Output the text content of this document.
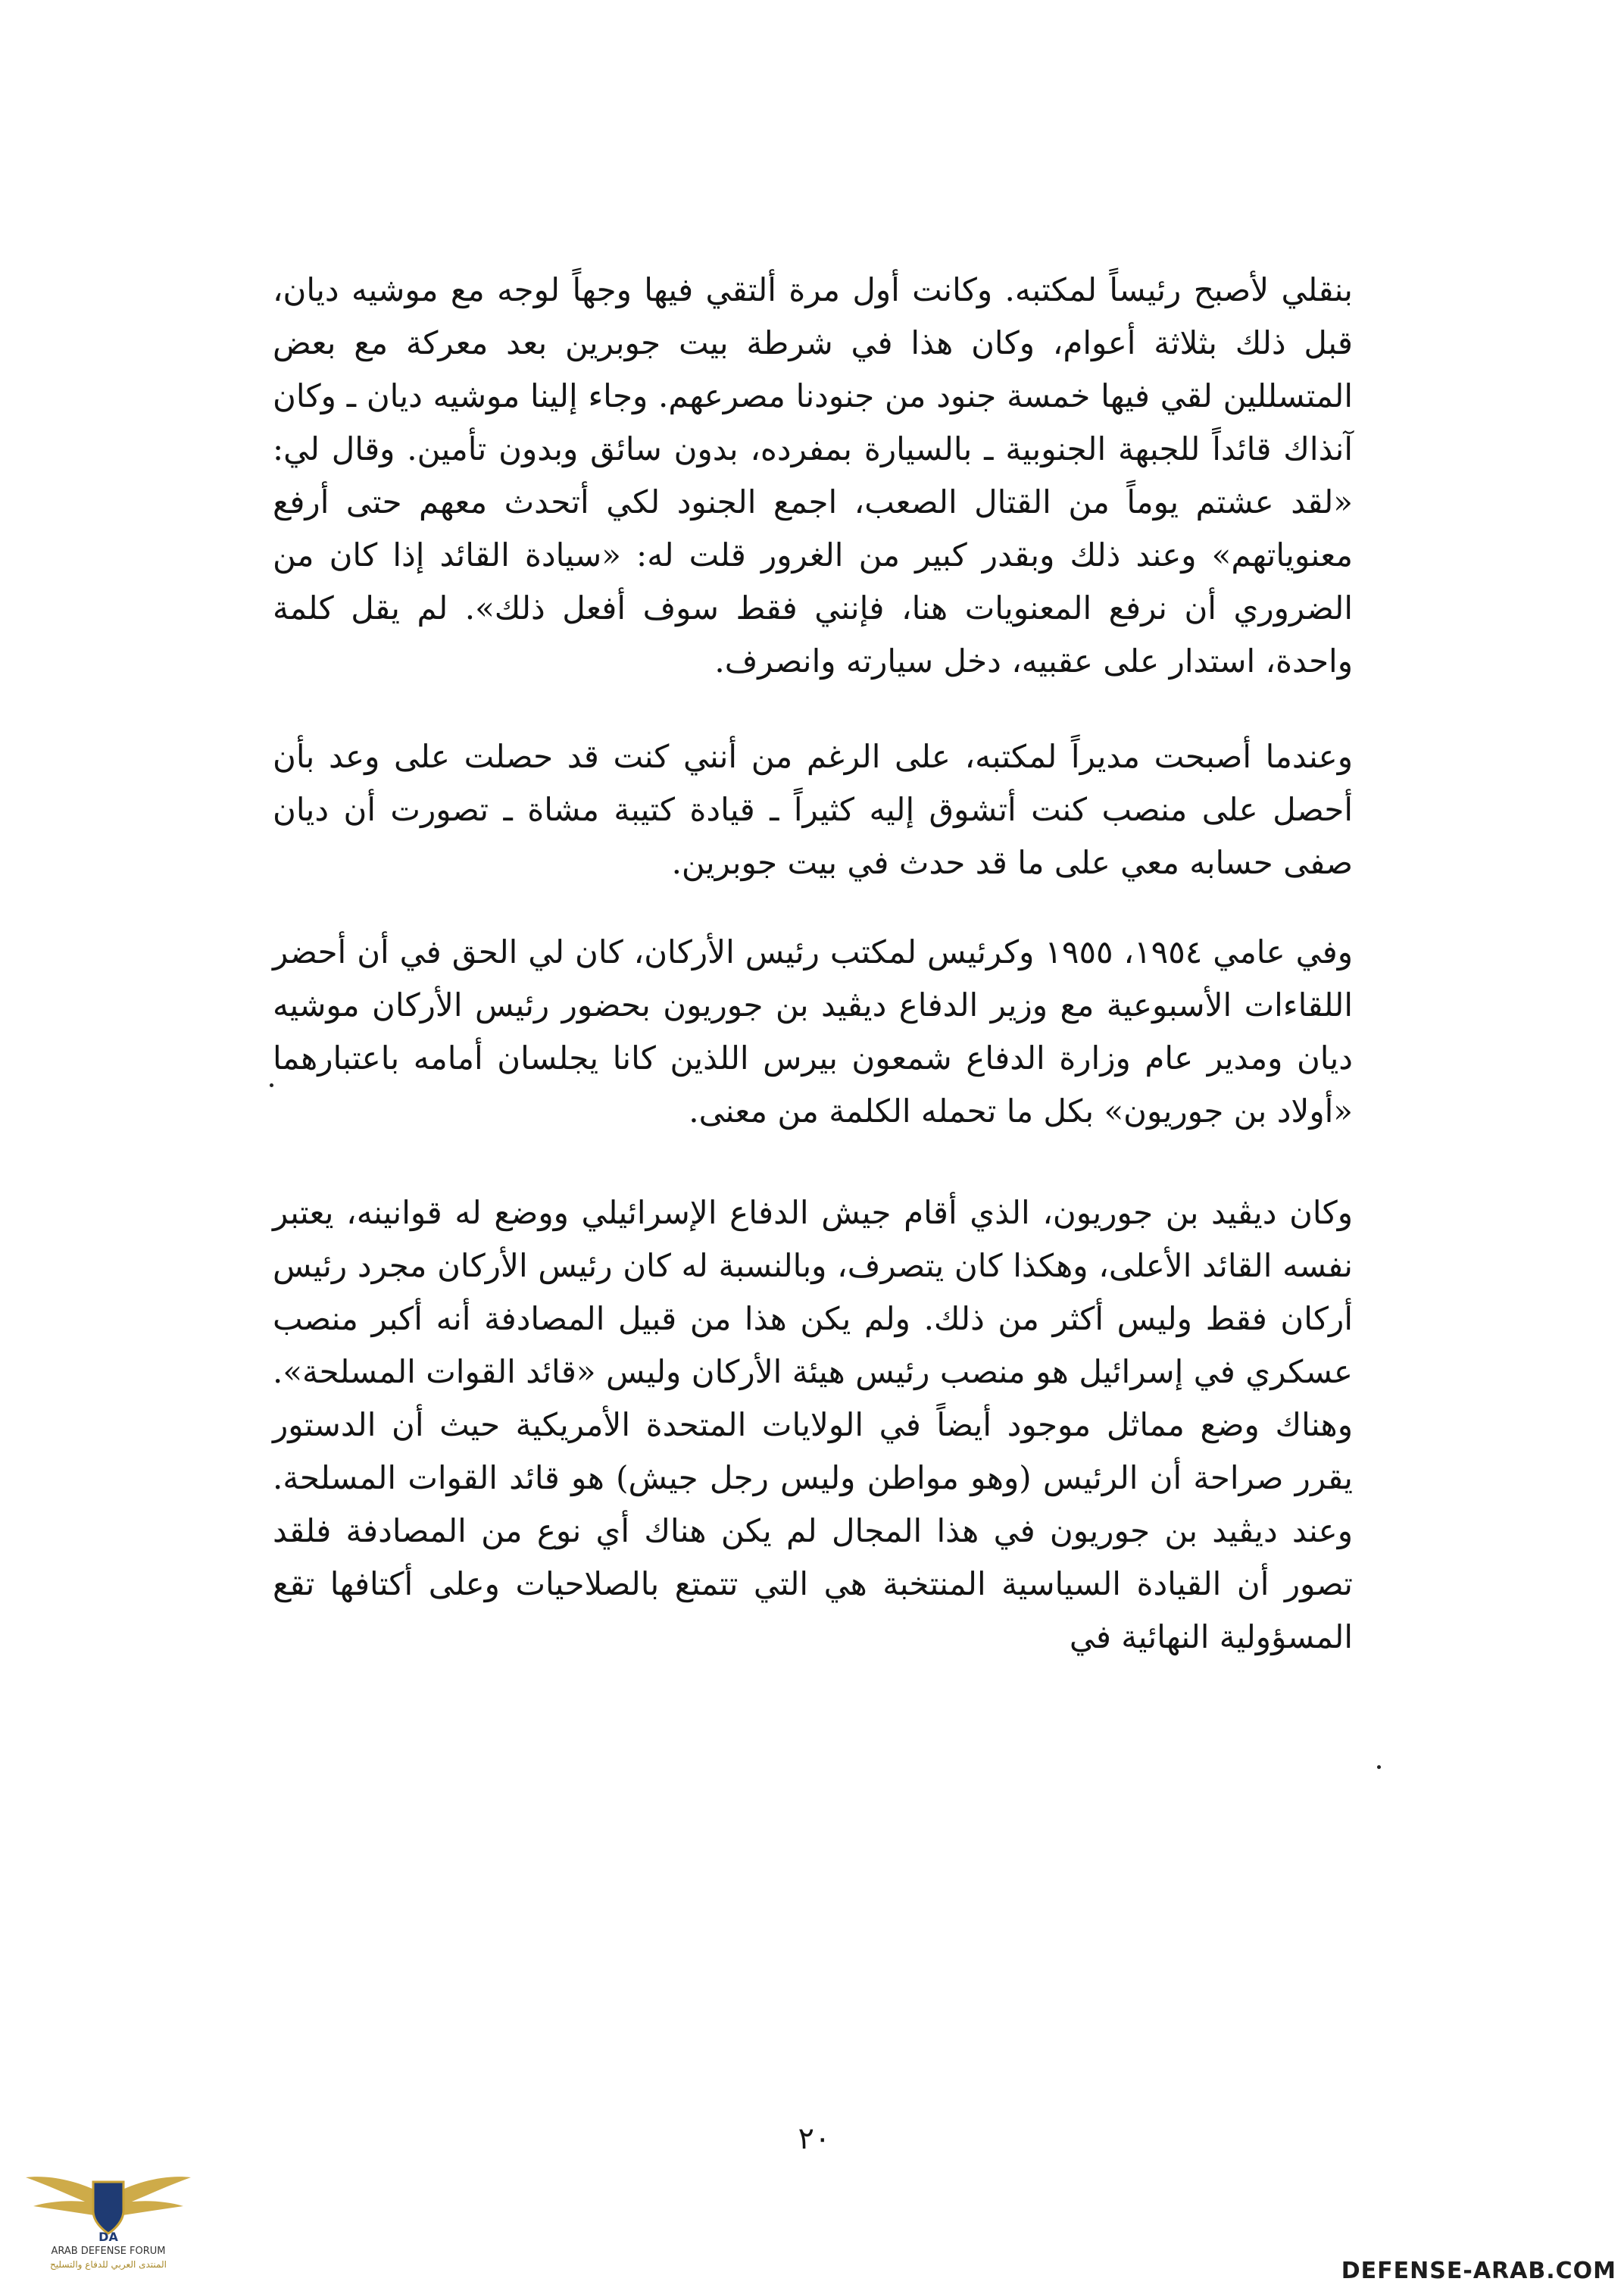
بنقلي لأصبح رئيساً لمكتبه. وكانت أول مرة ألتقي فيها وجهاً لوجه مع موشيه ديان، قبل ذلك بثلاثة أعوام، وكان هذا في شرطة بيت جوبرين بعد معركة مع بعض المتسللين لقي فيها خمسة جنود من جنودنا مصرعهم. وجاء إلينا موشيه ديان ـ وكان آنذاك قائداً للجبهة الجنوبية ـ بالسيارة بمفرده، بدون سائق وبدون تأمين. وقال لي: «لقد عشتم يوماً من القتال الصعب، اجمع الجنود لكي أتحدث معهم حتى أرفع معنوياتهم» وعند ذلك وبقدر كبير من الغرور قلت له: «سيادة القائد إذا كان من الضروري أن نرفع المعنويات هنا، فإنني فقط سوف أفعل ذلك». لم يقل كلمة واحدة، استدار على عقبيه، دخل سيارته وانصرف.

وعندما أصبحت مديراً لمكتبه، على الرغم من أنني كنت قد حصلت على وعد بأن أحصل على منصب كنت أتشوق إليه كثيراً ـ قيادة كتيبة مشاة ـ تصورت أن ديان صفى حسابه معي على ما قد حدث في بيت جوبرين.

وفي عامي ١٩٥٤، ١٩٥٥ وكرئيس لمكتب رئيس الأركان، كان لي الحق في أن أحضر اللقاءات الأسبوعية مع وزير الدفاع ديڤيد بن جوريون بحضور رئيس الأركان موشيه ديان ومدير عام وزارة الدفاع شمعون بيرس اللذين كانا يجلسان أمامه باعتبارهما «أولاد بن جوريون» بكل ما تحمله الكلمة من معنى.

وكان ديڤيد بن جوريون، الذي أقام جيش الدفاع الإسرائيلي ووضع له قوانينه، يعتبر نفسه القائد الأعلى، وهكذا كان يتصرف، وبالنسبة له كان رئيس الأركان مجرد رئيس أركان فقط وليس أكثر من ذلك. ولم يكن هذا من قبيل المصادفة أنه أكبر منصب عسكري في إسرائيل هو منصب رئيس هيئة الأركان وليس «قائد القوات المسلحة». وهناك وضع مماثل موجود أيضاً في الولايات المتحدة الأمريكية حيث أن الدستور يقرر صراحة أن الرئيس (وهو مواطن وليس رجل جيش) هو قائد القوات المسلحة. وعند ديڤيد بن جوريون في هذا المجال لم يكن هناك أي نوع من المصادفة فلقد تصور أن القيادة السياسية المنتخبة هي التي تتمتع بالصلاحيات وعلى أكتافها تقع المسؤولية النهائية في

٢٠
DA
ARAB DEFENSE FORUM
المنتدى العربي للدفاع والتسليح	DEFENSE-ARAB.COM
